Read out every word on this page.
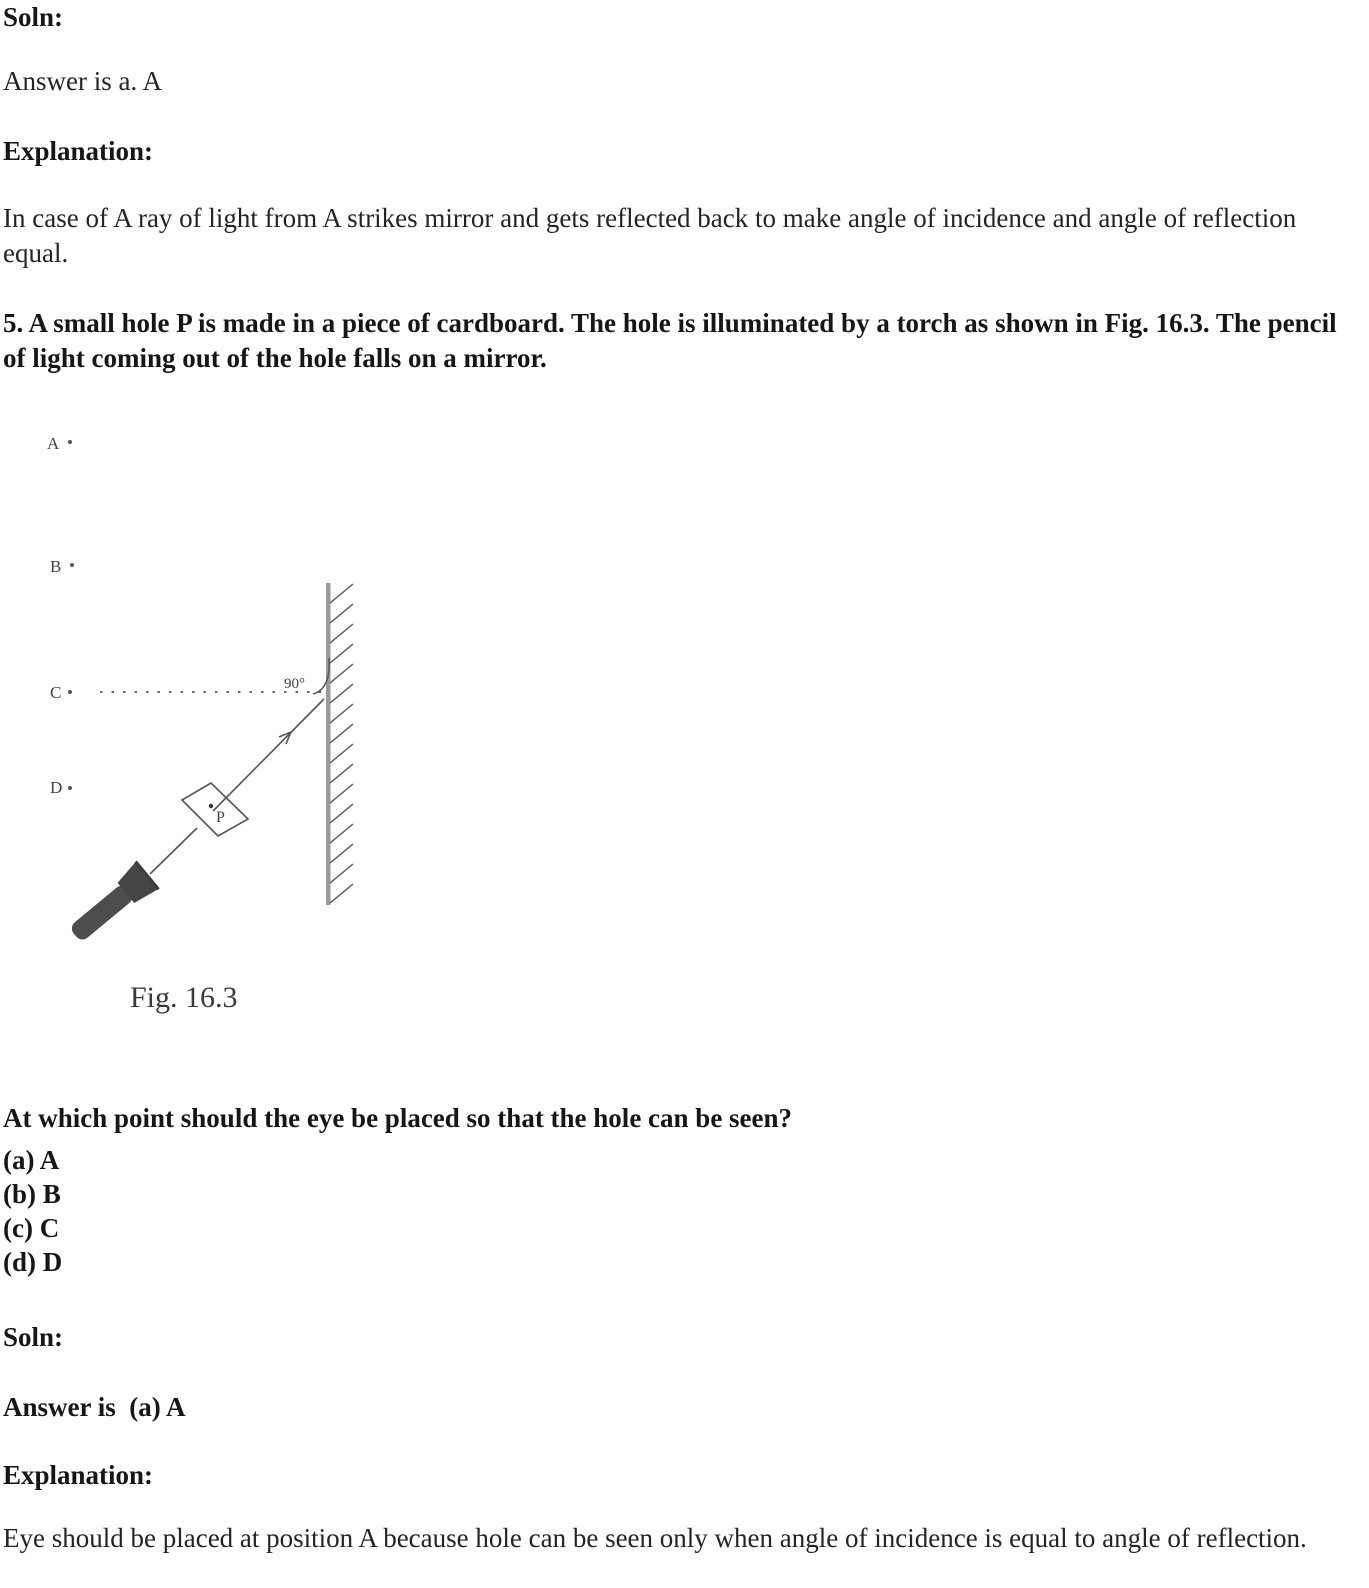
Soln:
Answer is a. A
Explanation:
In case of A ray of light from A strikes mirror and gets reflected back to make angle of incidence and angle of reflection equal.
5. A small hole P is made in a piece of cardboard. The hole is illuminated by a torch as shown in Fig. 16.3. The pencil of light coming out of the hole falls on a mirror.
A
B
C
D
90°
P
Fig. 16.3
At which point should the eye be placed so that the hole can be seen?
(a) A
(b) B
(c) C
(d) D
Soln:
Answer is  (a) A
Explanation:
Eye should be placed at position A because hole can be seen only when angle of incidence is equal to angle of reflection.
